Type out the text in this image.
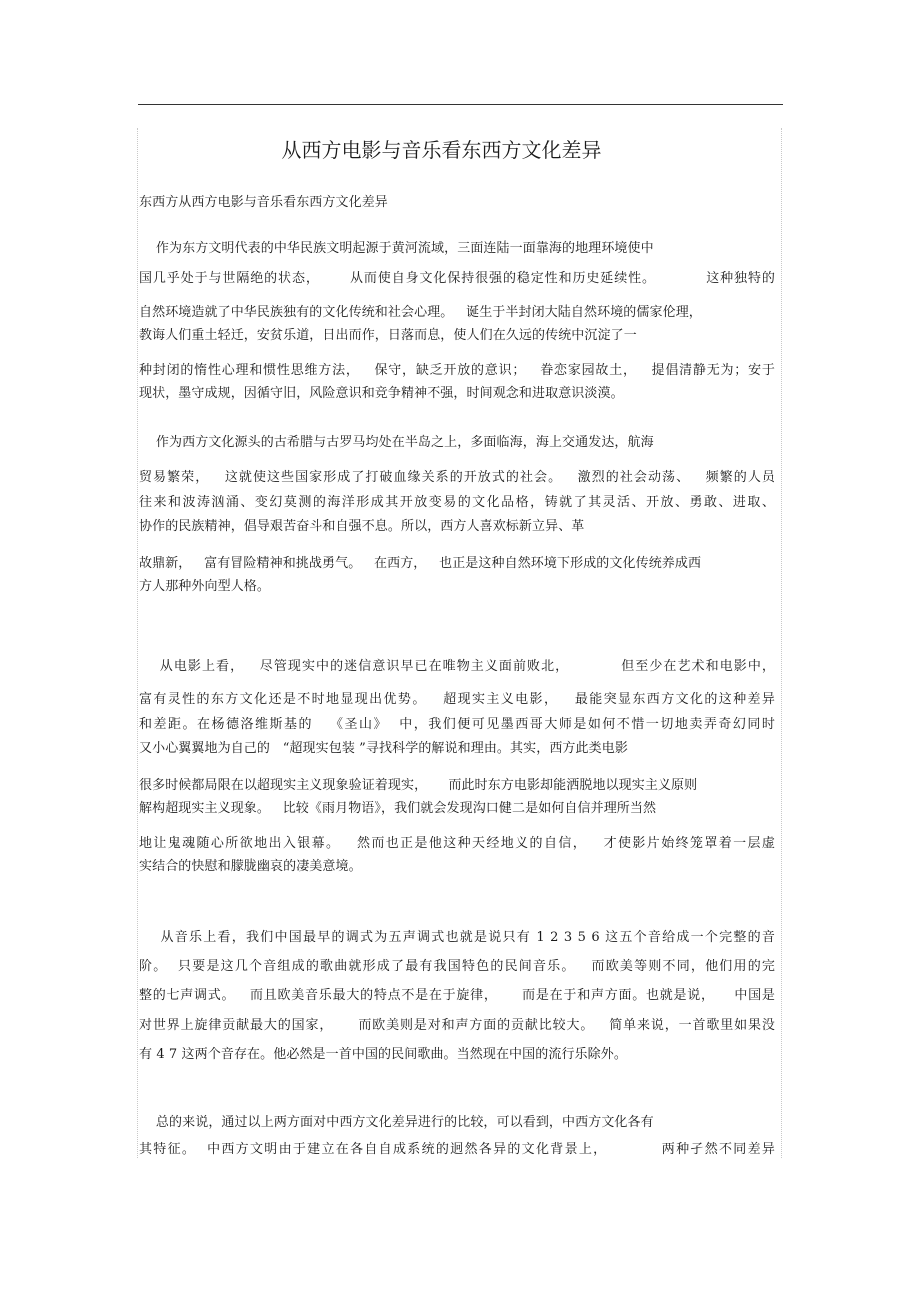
从西方电影与音乐看东西方文化差异
东西方从西方电影与音乐看东西方文化差异
作为东方文明代表的中华民族文明起源于黄河流域，三面连陆一面靠海的地理环境使中
国几乎处于与世隔绝的状态，      从而使自身文化保持很强的稳定性和历史延续性。          这种独特的
自然环境造就了中华民族独有的文化传统和社会心理。   诞生于半封闭大陆自然环境的儒家伦理，
教诲人们重土轻迁，安贫乐道，日出而作，日落而息，使人们在久远的传统中沉淀了一
种封闭的惰性心理和惯性思维方法，   保守，缺乏开放的意识；   眷恋家园故土，   提倡清静无为；安于
现状，墨守成规，因循守旧，风险意识和竞争精神不强，时间观念和进取意识淡漠。
作为西方文化源头的古希腊与古罗马均处在半岛之上，多面临海，海上交通发达，航海
贸易繁荣，   这就使这些国家形成了打破血缘关系的开放式的社会。   激烈的社会动荡、   频繁的人员
往来和波涛汹涌、变幻莫测的海洋形成其开放变易的文化品格，铸就了其灵活、开放、勇敢、进取、
协作的民族精神，倡导艰苦奋斗和自强不息。所以，西方人喜欢标新立异、革
故鼎新，   富有冒险精神和挑战勇气。   在西方，   也正是这种自然环境下形成的文化传统养成西
方人那种外向型人格。
从电影上看，   尽管现实中的迷信意识早已在唯物主义面前败北，          但至少在艺术和电影中，
富有灵性的东方文化还是不时地显现出优势。   超现实主义电影，   最能突显东西方文化的这种差异
和差距。在杨德洛维斯基的   《圣山》  中，我们便可见墨西哥大师是如何不惜一切地卖弄奇幻同时
又小心翼翼地为自己的   “超现实包装 ”寻找科学的解说和理由。其实，西方此类电影
很多时候都局限在以超现实主义现象验证着现实，     而此时东方电影却能洒脱地以现实主义原则
解构超现实主义现象。   比较《雨月物语》，我们就会发现沟口健二是如何自信并理所当然
地让鬼魂随心所欲地出入银幕。   然而也正是他这种天经地义的自信，   才使影片始终笼罩着一层虚
实结合的快慰和朦胧幽哀的凄美意境。
从音乐上看，我们中国最早的调式为五声调式也就是说只有 1 2 3 5 6 这五个音给成一个完整的音
阶。  只要是这几个音组成的歌曲就形成了最有我国特色的民间音乐。   而欧美等则不同，他们用的完
整的七声调式。   而且欧美音乐最大的特点不是在于旋律，     而是在于和声方面。也就是说，    中国是
对世界上旋律贡献最大的国家，     而欧美则是对和声方面的贡献比较大。   简单来说，一首歌里如果没
有 4 7 这两个音存在。他必然是一首中国的民间歌曲。当然现在中国的流行乐除外。
总的来说，通过以上两方面对中西方文化差异进行的比较，可以看到，中西方文化各有
其特征。  中西方文明由于建立在各自自成系统的迥然各异的文化背景上，          两种孑然不同差异
